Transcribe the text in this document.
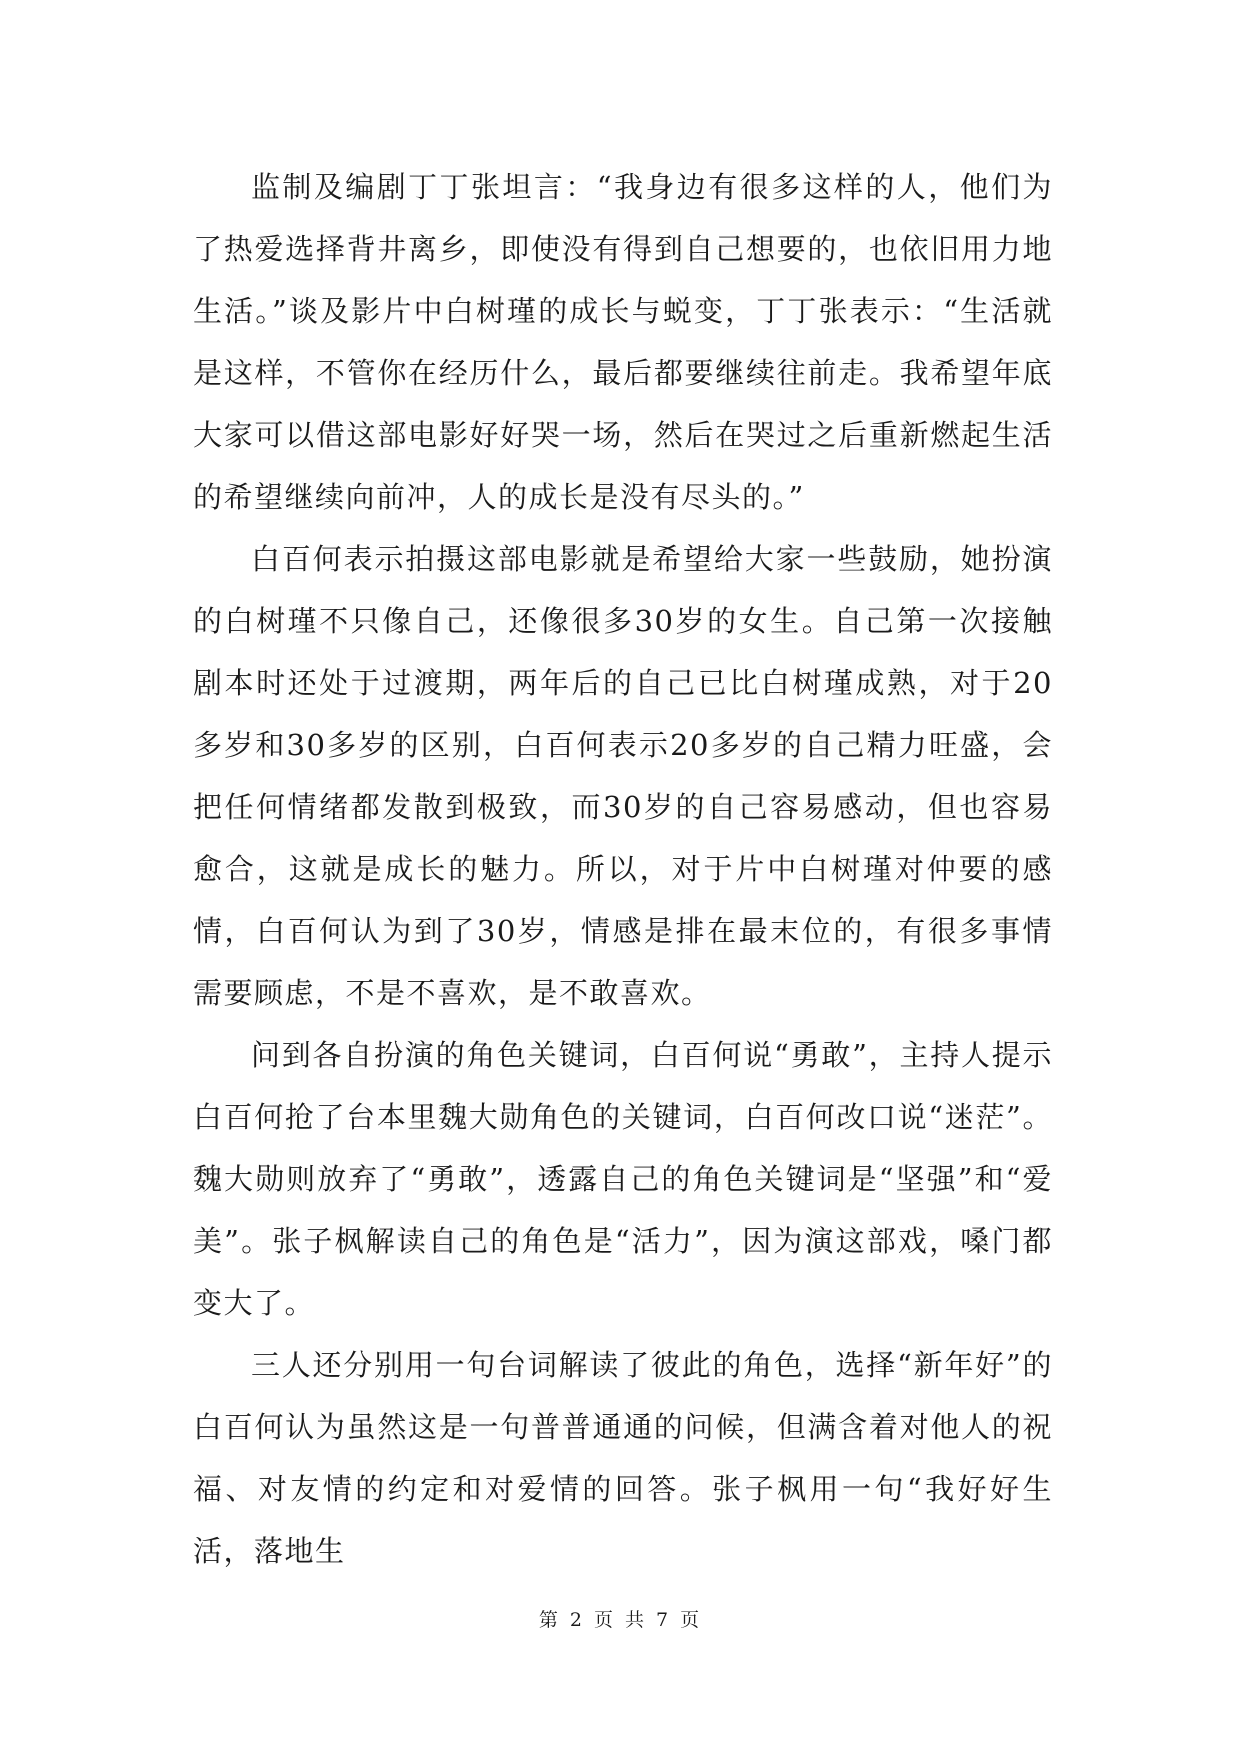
监制及编剧丁丁张坦言：“我身边有很多这样的人，他们为了热爱选择背井离乡，即使没有得到自己想要的，也依旧用力地生活。”谈及影片中白树瑾的成长与蜕变，丁丁张表示：“生活就是这样，不管你在经历什么，最后都要继续往前走。我希望年底大家可以借这部电影好好哭一场，然后在哭过之后重新燃起生活的希望继续向前冲，人的成长是没有尽头的。”

白百何表示拍摄这部电影就是希望给大家一些鼓励，她扮演的白树瑾不只像自己，还像很多30岁的女生。自己第一次接触剧本时还处于过渡期，两年后的自己已比白树瑾成熟，对于20多岁和30多岁的区别，白百何表示20多岁的自己精力旺盛，会把任何情绪都发散到极致，而30岁的自己容易感动，但也容易愈合，这就是成长的魅力。所以，对于片中白树瑾对仲要的感情，白百何认为到了30岁，情感是排在最末位的，有很多事情需要顾虑，不是不喜欢，是不敢喜欢。

问到各自扮演的角色关键词，白百何说“勇敢”，主持人提示白百何抢了台本里魏大勋角色的关键词，白百何改口说“迷茫”。魏大勋则放弃了“勇敢”，透露自己的角色关键词是“坚强”和“爱美”。张子枫解读自己的角色是“活力”，因为演这部戏，嗓门都变大了。

三人还分别用一句台词解读了彼此的角色，选择“新年好”的白百何认为虽然这是一句普普通通的问候，但满含着对他人的祝福、对友情的约定和对爱情的回答。张子枫用一句“我好好生活，落地生

第 2 页 共 7 页
